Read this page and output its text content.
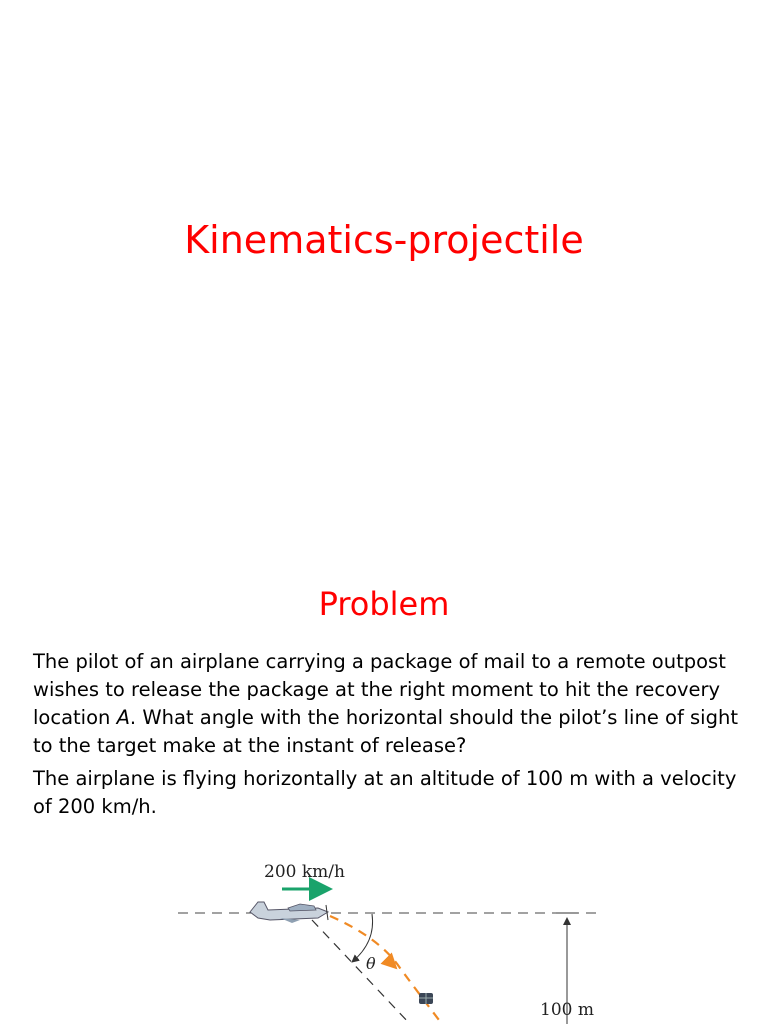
Kinematics-projectile
Problem
The pilot of an airplane carrying a package of mail to a remote outpost wishes to release the package at the right moment to hit the recovery location A. What angle with the horizontal should the pilot’s line of sight to the target make at the instant of release?
The airplane is flying horizontally at an altitude of 100 m with a velocity of 200 km/h.
200 km/h
θ
100 m
